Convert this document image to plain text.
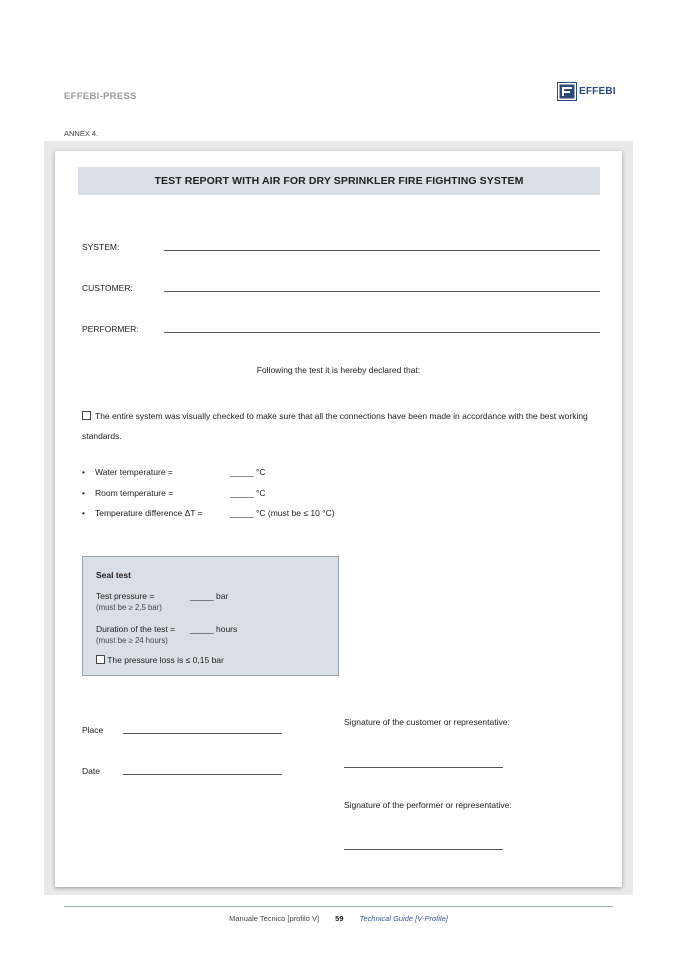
EFFEBI-PRESS	EFFEBI
ANNEX 4.
TEST REPORT WITH AIR FOR DRY SPRINKLER FIRE FIGHTING SYSTEM
SYSTEM:
CUSTOMER:
PERFORMER:
Following the test it is hereby declared that:
The entire system was visually checked to make sure that all the connections have been made in accordance with the best working standards.
• Water temperature =	_____ °C
• Room temperature =	_____ °C
• Temperature difference ΔT =	_____ °C (must be ≤ 10 °C)
Seal test
Test pressure =	_____ bar
(must be ≥ 2,5 bar)
Duration of the test = _____ hours
(must be ≥ 24 hours)
The pressure loss is ≤ 0,15 bar
Place
Date
Signature of the customer or representative:
Signature of the performer or representative:
Manuale Tecnico [profilo V] 59 Technical Guide [V-Profile]
